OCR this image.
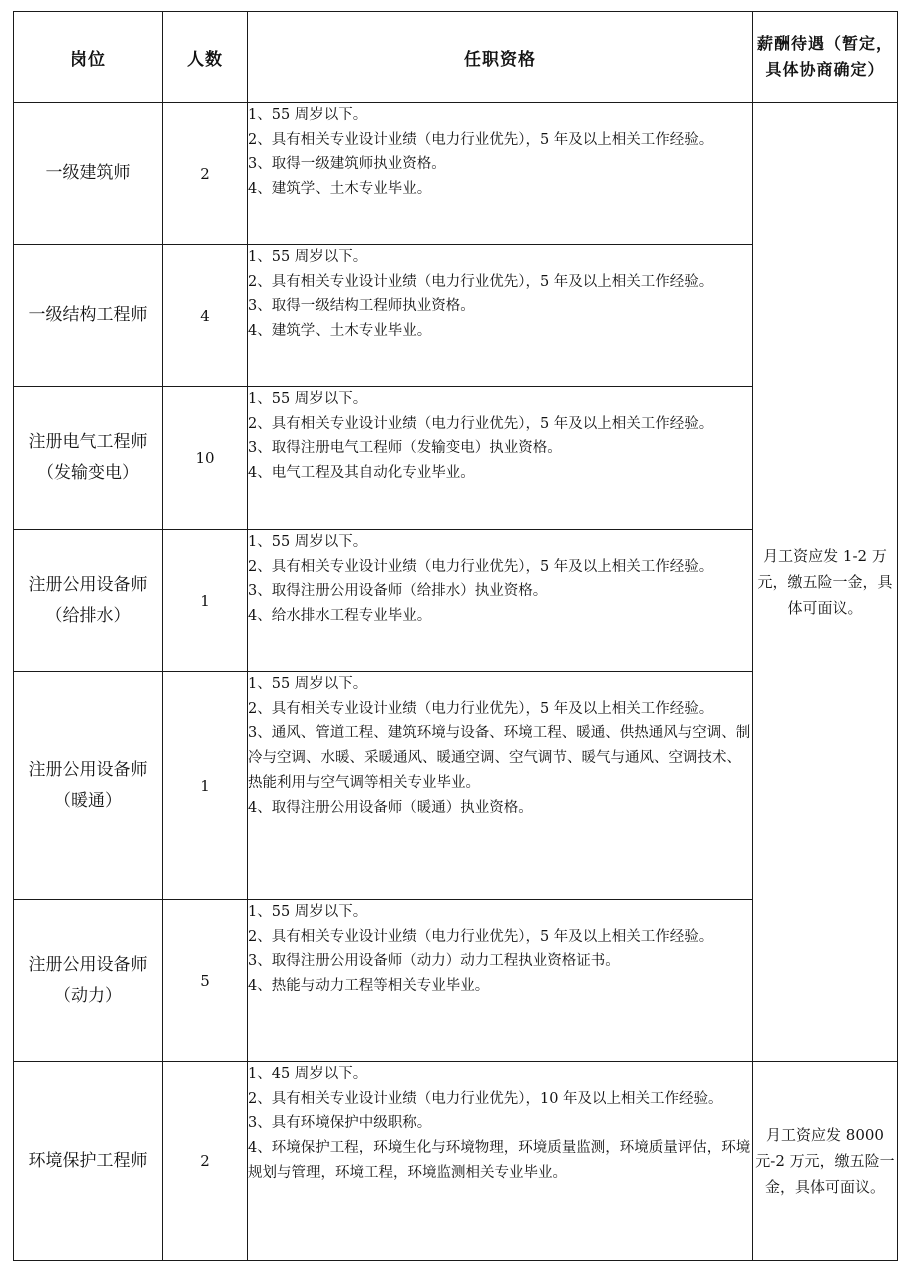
岗位	人数	任职资格	薪酬待遇（暂定，具体协商确定）
一级建筑师	2	1、55 周岁以下。
2、具有相关专业设计业绩（电力行业优先），5 年及以上相关工作经验。
3、取得一级建筑师执业资格。
4、建筑学、土木专业毕业。	月工资应发 1-2 万元，缴五险一金，具体可面议。
一级结构工程师	4	1、55 周岁以下。
2、具有相关专业设计业绩（电力行业优先），5 年及以上相关工作经验。
3、取得一级结构工程师执业资格。
4、建筑学、土木专业毕业。	

注册电气工程师（发输变电）	10	1、55 周岁以下。
2、具有相关专业设计业绩（电力行业优先），5 年及以上相关工作经验。
3、取得注册电气工程师（发输变电）执业资格。
4、电气工程及其自动化专业毕业。	

注册公用设备师（给排水）	1	1、55 周岁以下。
2、具有相关专业设计业绩（电力行业优先），5 年及以上相关工作经验。
3、取得注册公用设备师（给排水）执业资格。
4、给水排水工程专业毕业。	

注册公用设备师（暖通）	1	1、55 周岁以下。
2、具有相关专业设计业绩（电力行业优先），5 年及以上相关工作经验。
3、通风、管道工程、建筑环境与设备、环境工程、暖通、供热通风与空调、制冷与空调、水暖、采暖通风、暖通空调、空气调节、暖气与通风、空调技术、热能利用与空气调等相关专业毕业。
4、取得注册公用设备师（暖通）执业资格。	

注册公用设备师（动力）	5	1、55 周岁以下。
2、具有相关专业设计业绩（电力行业优先），5 年及以上相关工作经验。
3、取得注册公用设备师（动力）动力工程执业资格证书。
4、热能与动力工程等相关专业毕业。	

环境保护工程师	2	1、45 周岁以下。
2、具有相关专业设计业绩（电力行业优先），10 年及以上相关工作经验。
3、具有环境保护中级职称。
4、环境保护工程，环境生化与环境物理，环境质量监测，环境质量评估，环境规划与管理，环境工程，环境监测相关专业毕业。	月工资应发 8000 元-2 万元，缴五险一金，具体可面议。
